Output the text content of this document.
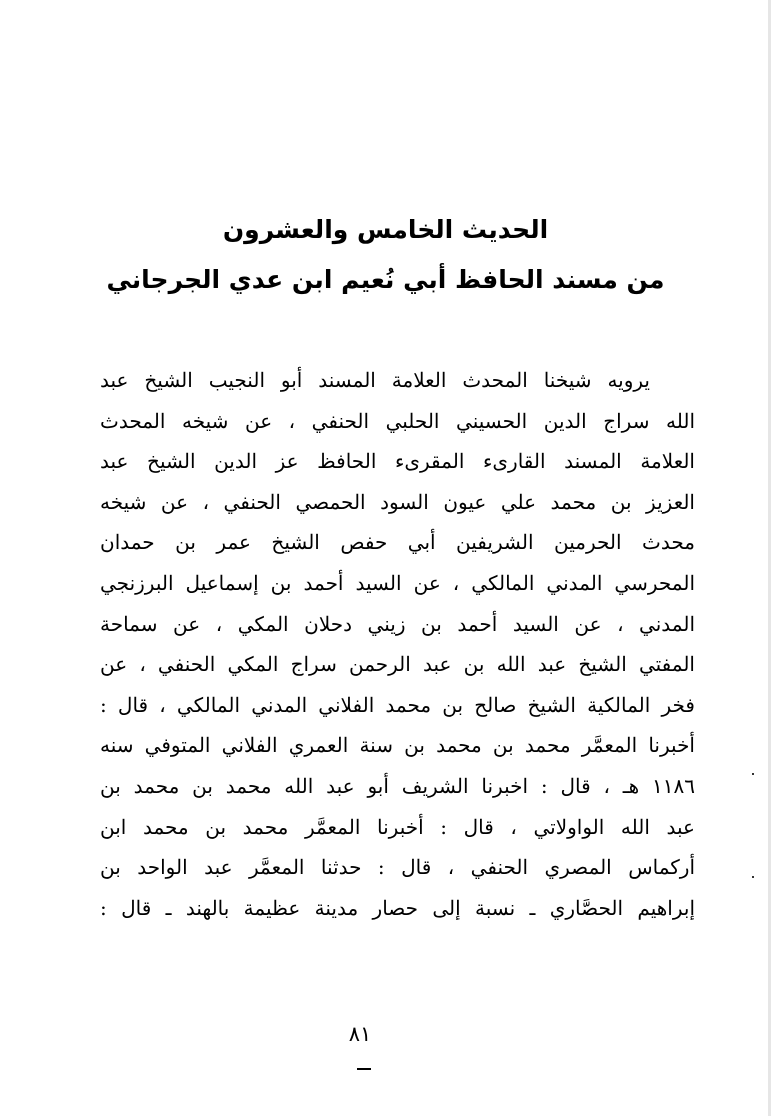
الحديث الخامس والعشرون
من مسند الحافظ أبي نُعيم ابن عدي الجرجاني
يرويه شيخنا المحدث العلامة المسند أبو النجيب الشيخ عبد
الله سراج الدين الحسيني الحلبي الحنفي ، عن شيخه المحدث
العلامة المسند القارىء المقرىء الحافظ عز الدين الشيخ عبد
العزيز بن محمد علي عيون السود الحمصي الحنفي ، عن شيخه
محدث الحرمين الشريفين أبي حفص الشيخ عمر بن حمدان
المحرسي المدني المالكي ، عن السيد أحمد بن إسماعيل البرزنجي
المدني ، عن السيد أحمد بن زيني دحلان المكي ، عن سماحة
المفتي الشيخ عبد الله بن عبد الرحمن سراج المكي الحنفي ، عن
فخر المالكية الشيخ صالح بن محمد الفلاني المدني المالكي ، قال :
أخبرنا المعمَّر محمد بن محمد بن سنة العمري الفلاني المتوفي سنه
١١٨٦ هـ ، قال : اخبرنا الشريف أبو عبد الله محمد بن محمد بن
عبد الله الواولاتي ، قال : أخبرنا المعمَّر محمد بن محمد ابن
أركماس المصري الحنفي ، قال : حدثنا المعمَّر عبد الواحد بن
إبراهيم الحصَّاري ـ نسبة إلى حصار مدينة عظيمة بالهند ـ قال :
٨١
